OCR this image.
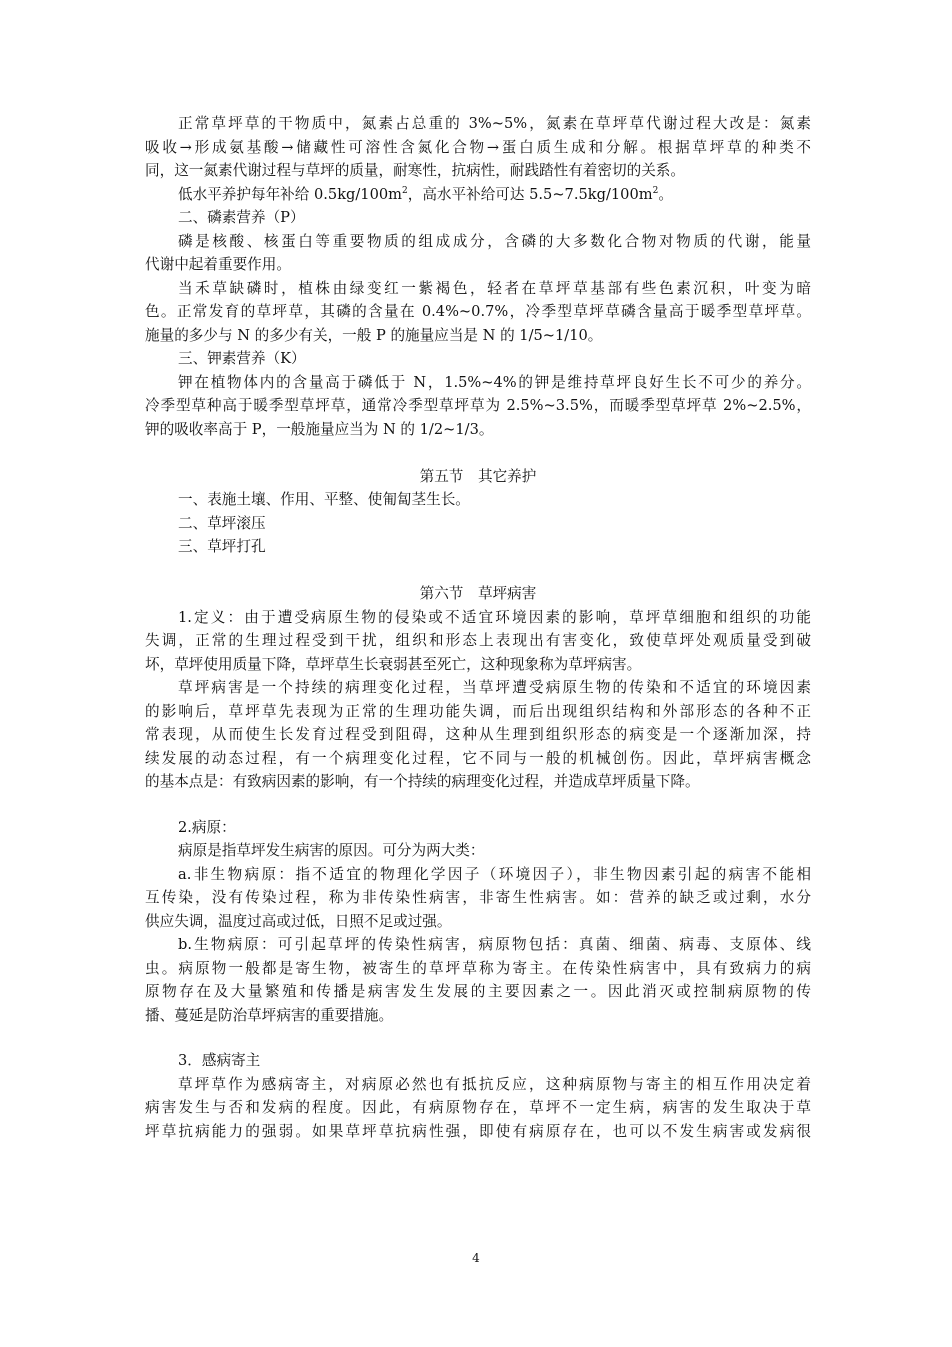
正常草坪草的干物质中，氮素占总重的 3%~5%，氮素在草坪草代谢过程大改是：氮素
吸收→形成氨基酸→储藏性可溶性含氮化合物→蛋白质生成和分解。根据草坪草的种类不
同，这一氮素代谢过程与草坪的质量，耐寒性，抗病性，耐践踏性有着密切的关系。
低水平养护每年补给 $0.5kg/100m^2$，高水平补给可达 $5.5\sim 7.5kg/100m^2$。
二、磷素营养（P）
磷是核酸、核蛋白等重要物质的组成成分，含磷的大多数化合物对物质的代谢，能量
代谢中起着重要作用。
当禾草缺磷时，植株由绿变红一紫褐色，轻者在草坪草基部有些色素沉积，叶变为暗
色。正常发育的草坪草，其磷的含量在 0.4%~0.7%，冷季型草坪草磷含量高于暖季型草坪草。
施量的多少与 N 的多少有关，一般 P 的施量应当是 N 的 1/5~1/10。
三、钾素营养（K）
钾在植物体内的含量高于磷低于 N，1.5%~4%的钾是维持草坪良好生长不可少的养分。
冷季型草种高于暖季型草坪草，通常冷季型草坪草为 2.5%~3.5%，而暖季型草坪草 2%~2.5%，
钾的吸收率高于 P，一般施量应当为 N 的 1/2~1/3。
第五节　其它养护
一、表施土壤、作用、平整、使匍匐茎生长。
二、草坪滚压
三、草坪打孔
第六节　草坪病害
1.定义：由于遭受病原生物的侵染或不适宜环境因素的影响，草坪草细胞和组织的功能
失调，正常的生理过程受到干扰，组织和形态上表现出有害变化，致使草坪处观质量受到破
坏，草坪使用质量下降，草坪草生长衰弱甚至死亡，这种现象称为草坪病害。
草坪病害是一个持续的病理变化过程，当草坪遭受病原生物的传染和不适宜的环境因素
的影响后，草坪草先表现为正常的生理功能失调，而后出现组织结构和外部形态的各种不正
常表现，从而使生长发育过程受到阻碍，这种从生理到组织形态的病变是一个逐渐加深，持
续发展的动态过程，有一个病理变化过程，它不同与一般的机械创伤。因此，草坪病害概念
的基本点是：有致病因素的影响，有一个持续的病理变化过程，并造成草坪质量下降。
2.病原：
病原是指草坪发生病害的原因。可分为两大类：
a.非生物病原：指不适宜的物理化学因子（环境因子），非生物因素引起的病害不能相
互传染，没有传染过程，称为非传染性病害，非寄生性病害。如：营养的缺乏或过剩，水分
供应失调，温度过高或过低，日照不足或过强。
b.生物病原：可引起草坪的传染性病害，病原物包括：真菌、细菌、病毒、支原体、线
虫。病原物一般都是寄生物，被寄生的草坪草称为寄主。在传染性病害中，具有致病力的病
原物存在及大量繁殖和传播是病害发生发展的主要因素之一。因此消灭或控制病原物的传
播、蔓延是防治草坪病害的重要措施。
3．感病寄主
草坪草作为感病寄主，对病原必然也有抵抗反应，这种病原物与寄主的相互作用决定着
病害发生与否和发病的程度。因此，有病原物存在，草坪不一定生病，病害的发生取决于草
坪草抗病能力的强弱。如果草坪草抗病性强，即使有病原存在，也可以不发生病害或发病很
4
